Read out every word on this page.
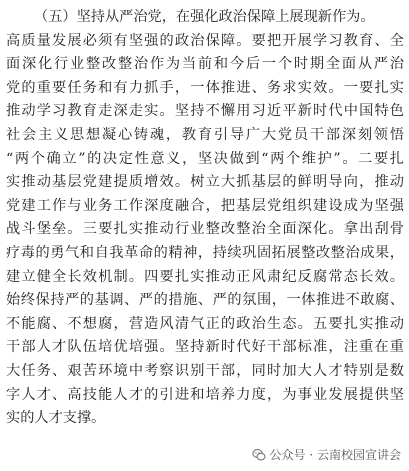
（五）坚持从严治党，在强化政治保障上展现新作为。
高质量发展必须有坚强的政治保障。要把开展学习教育、全
面深化行业整改整治作为当前和今后一个时期全面从严治
党的重要任务和有力抓手，一体推进、务求实效。一要扎实
推动学习教育走深走实。坚持不懈用习近平新时代中国特色
社会主义思想凝心铸魂，教育引导广大党员干部深刻领悟
“两个确立”的决定性意义，坚决做到“两个维护”。二要扎
实推动基层党建提质增效。树立大抓基层的鲜明导向，推动
党建工作与业务工作深度融合，把基层党组织建设成为坚强
战斗堡垒。三要扎实推动行业整改整治全面深化。拿出刮骨
疗毒的勇气和自我革命的精神，持续巩固拓展整改整治成果，
建立健全长效机制。四要扎实推动正风肃纪反腐常态长效。
始终保持严的基调、严的措施、严的氛围，一体推进不敢腐、
不能腐、不想腐，营造风清气正的政治生态。五要扎实推动
干部人才队伍培优培强。坚持新时代好干部标准，注重在重
大任务、艰苦环境中考察识别干部，同时加大人才特别是数
字人才、高技能人才的引进和培养力度，为事业发展提供坚
实的人才支撑。
公众号 · 云南校园宣讲会
